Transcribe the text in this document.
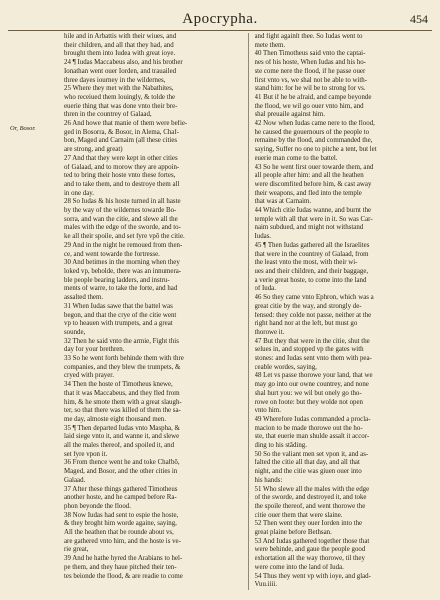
Apocrypha.	454
Or, Bosor.
hile and in Arbattis with their wiues, and
their children, and all that they had, and
brought them into Iudea with great ioye.
24 ¶ Iudas Maccabeus also, and his brother
Ionathan went ouer Iorden, and trauailed
three dayes iourney in the wildernes,
25 Where they met with the Nabathites,
who receiued them louingly, & tolde the
euerie thing that was done vnto their bre-
thren in the countrey of Galaad,
26 And howe that manie of them were befie-
ged in Bosorra, & Bosor, in Alema, Chaf-
bon, Maged and Carnaim (all these cities
are strong, and great)
27 And that they were kept in other cities
of Galaad, and to morow they are appoin-
ted to bring their hoste vnto these fortes,
and to take them, and to destroye them all
in one day.
28 So Iudas & his hoste turned in all haste
by the way of the wildernes towarde Bo-
sorra, and wan the citie, and slewe all the
males with the edge of the sworde, and to-
ke all their spoile, and set fyre vpō the citie.
29 And in the night he remoued from then-
ce, and went towarde the fortresse.
30 And betimes in the morning when they
loked vp, beholde, there was an innumera-
ble people bearing ladders, and instru-
ments of warre, to take the forte, and had
assalted them.
31 When Iudas sawe that the battel was
begon, and that the crye of the citie went
vp to heauen with trumpets, and a great
sounde,
32 Then he said vnto the armie, Fight this
day for your brethren.
33 So he went forth behinde them with thre
companies, and they blew the trumpets, &
cryed with prayer.
34 Then the hoste of Timotheus knewe,
that it was Maccabeus, and they fled from
him, & he smote them with a great slaugh-
ter, so that there was killed of them the sa-
me day, almoste eight thousand men.
35 ¶ Then departed Iudas vnto Maspha, &
laid siege vnto it, and wanne it, and slewe
all the males thereof, and spoiled it, and
set fyre vpon it.
36 From thence went he and toke Chafbō,
Maged, and Bosor, and the other cities in
Galaad.
37 After these things gathered Timotheus
another hoste, and he camped before Ra-
phon beyonde the flood.
38 Now Iudas had sent to espie the hoste,
& they broght him worde againe, saying,
All the heathen that be rounde about vs,
are gathered vnto him, and the hoste is ve-
rie great,
39 And he hathe hyred the Arabians to hel-
pe them, and they haue pitched their ten-
tes beionde the flood, & are readie to come
and fight againſt thee. So Iudas went to
mete them.
40 Then Timotheus said vnto the captai-
nes of his hoste, When Iudas and his ho-
ste come nere the flood, if he passe ouer
first vnto vs, we shal not be able to with-
stand him: for he wil be to strong for vs.
41 But if he be afraid, and campe beyonde
the flood, we wil go ouer vnto him, and
shal preuaile against him.
42 Now when Iudas came nere to the flood,
he caused the gouernours of the people to
remaine by the flood, and commanded the,
saying, Suffer no one to pitche a tent, but let
euerie man come to the battel.
43 So he went first ouer towarde them, and
all people after him: and all the heathen
were discomfited before him, & cast away
their weapons, and fled into the temple
that was at Carnaim.
44 Which citie Iudas wanne, and burnt the
temple with all that were in it. So was Car-
naim subdued, and might not withstand
Iudas.
45 ¶ Then Iudas gathered all the Israelites
that were in the countrey of Galaad, from
the least vnto the most, with their wi-
ues and their children, and their baggage,
a verie great hoste, to come into the land
of Iuda.
46 So they came vnto Ephron, which was a
great citie by the way, and strongly de-
fensed: they colde not passe, neither at the
right hand nor at the left, but must go
thorowe it.
47 But they that were in the citie, shut the
selues in, and stopped vp the gates with
stones: and Iudas sent vnto them with pea-
ceable wordes, saying,
48 Let vs passe thorowe your land, that we
may go into our owne countrey, and none
shal hurt you: we wil but onely go tho-
rowe on foote: but they wolde not open
vnto him.
49 Wherefore Iudas commanded a procla-
macion to be made thorowe out the ho-
ste, that euerie man shulde assalt it accor-
ding to his stāding.
50 So the valiant men set vpon it, and as-
falted the citie all that day, and all that
night, and the citie was giuen ouer into
his hands:
51 Who slewe all the males with the edge
of the sworde, and destroyed it, and toke
the spoile thereof, and went thorowe the
citie ouer them that were slaine.
52 Then went they ouer Iorden into the
great plaine before Bethsan.
53 And Iudas gathered together those that
were behinde, and gaue the people good
exhortation all the way thorowe, til they
were come into the land of Iuda.
54 Thus they went vp with ioye, and glad-
Vuu.iiii.
